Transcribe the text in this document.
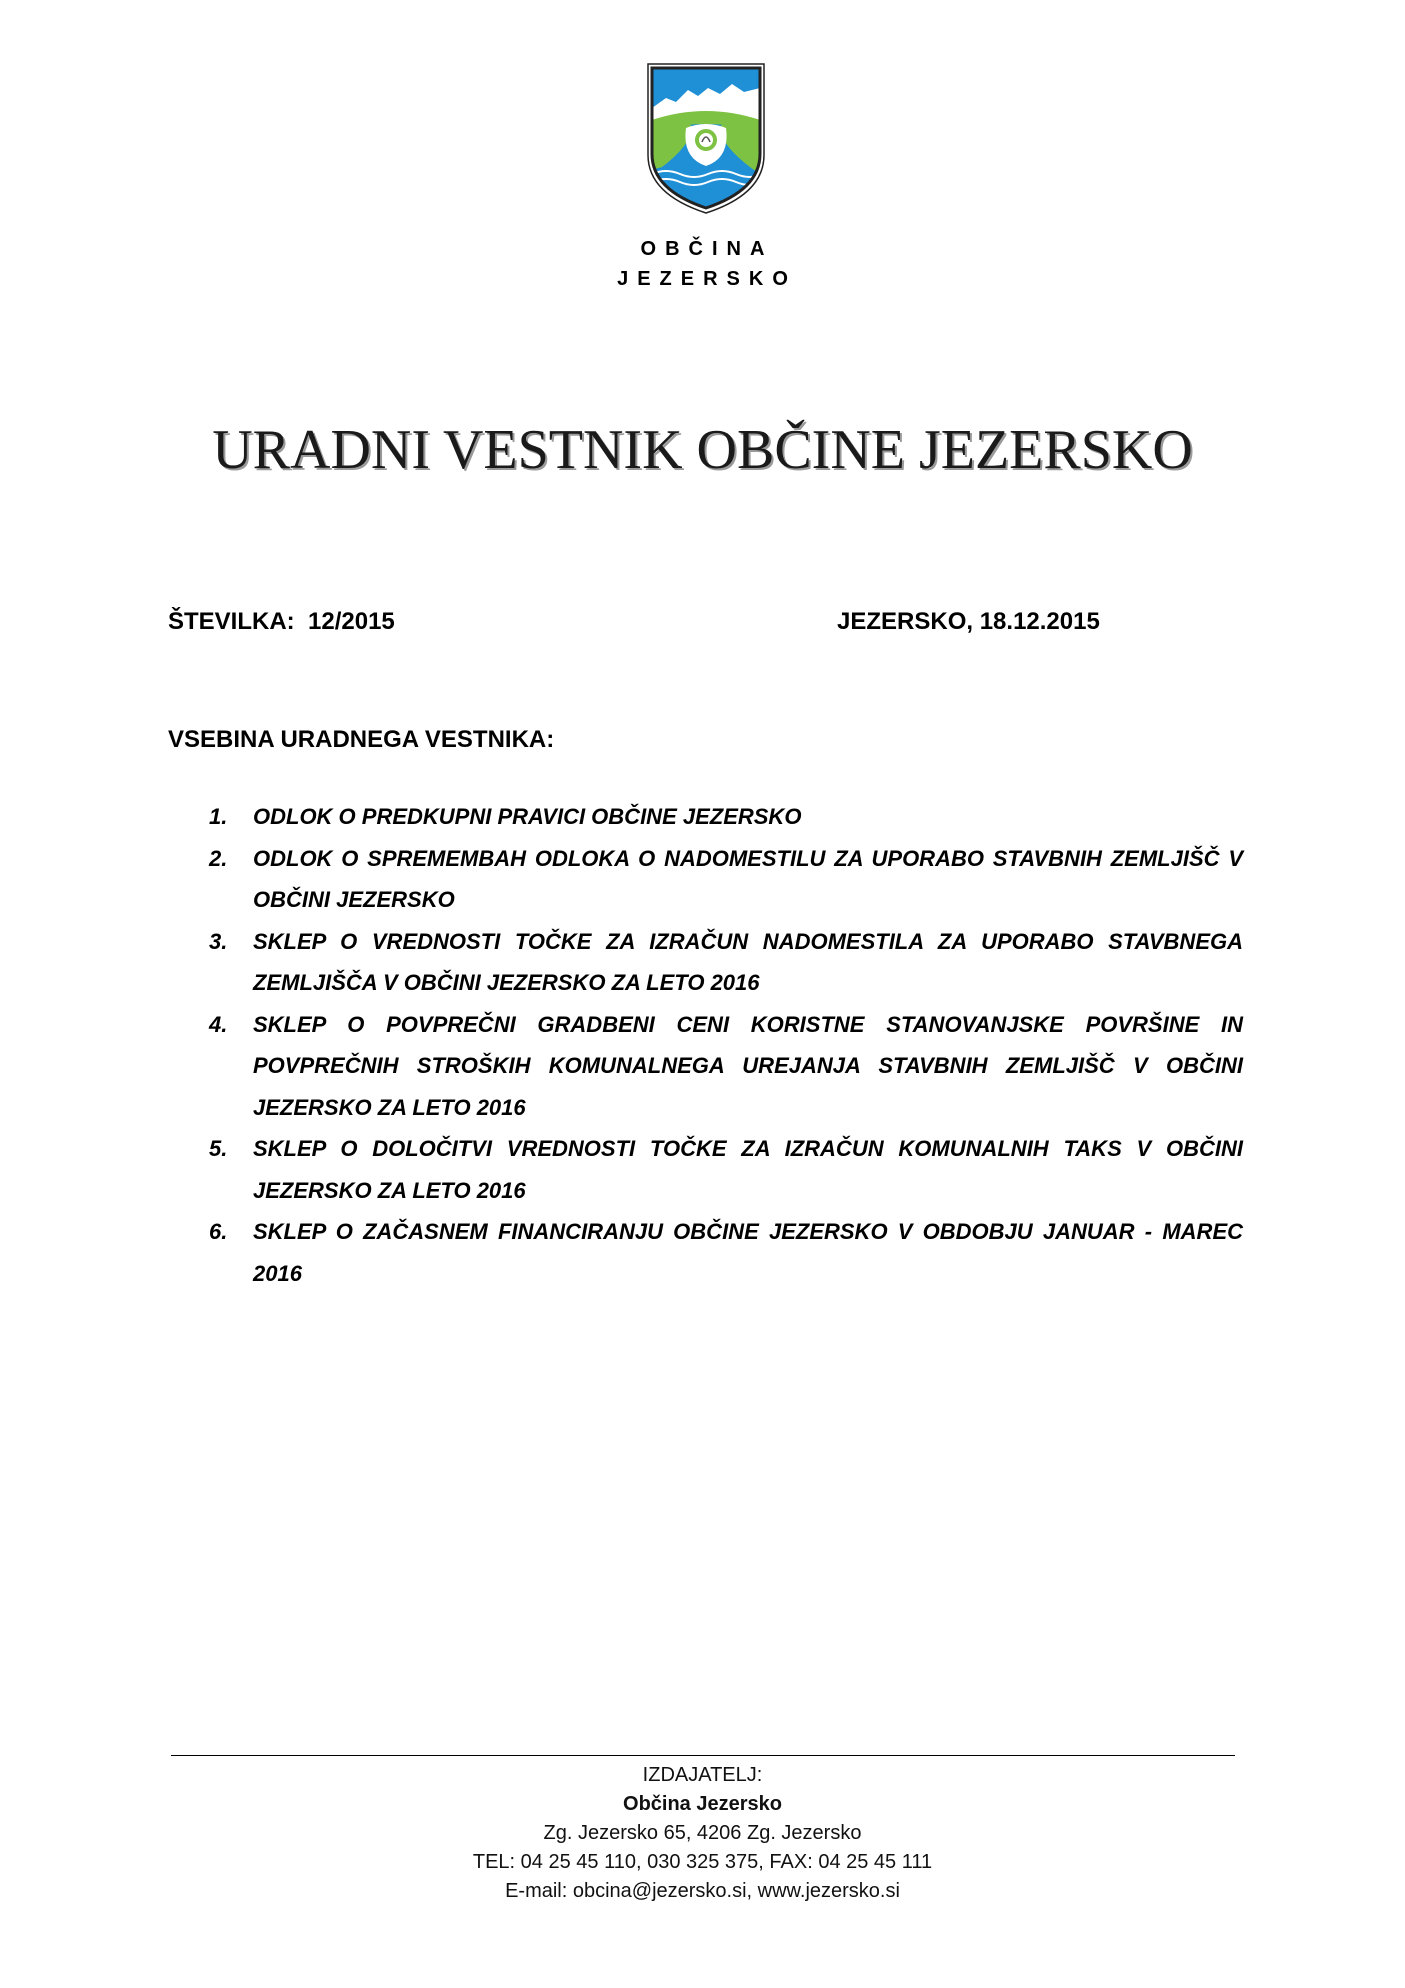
OBČINA
JEZERSKO
URADNI VESTNIK OBČINE JEZERSKO
ŠTEVILKA:  12/2015	JEZERSKO, 18.12.2015
VSEBINA URADNEGA VESTNIKA:
1. ODLOK O PREDKUPNI PRAVICI OBČINE JEZERSKO
2. ODLOK O SPREMEMBAH ODLOKA O NADOMESTILU ZA UPORABO STAVBNIH ZEMLJIŠČ V OBČINI JEZERSKO
3. SKLEP O VREDNOSTI TOČKE ZA IZRAČUN NADOMESTILA ZA UPORABO STAVBNEGA ZEMLJIŠČA V OBČINI JEZERSKO ZA LETO 2016
4. SKLEP O POVPREČNI GRADBENI CENI KORISTNE STANOVANJSKE POVRŠINE IN POVPREČNIH STROŠKIH KOMUNALNEGA UREJANJA STAVBNIH ZEMLJIŠČ V OBČINI JEZERSKO ZA LETO 2016
5. SKLEP O DOLOČITVI VREDNOSTI TOČKE ZA IZRAČUN KOMUNALNIH TAKS V OBČINI JEZERSKO ZA LETO 2016
6. SKLEP O ZAČASNEM FINANCIRANJU OBČINE JEZERSKO V OBDOBJU JANUAR - MAREC 2016
IZDAJATELJ:
Občina Jezersko
Zg. Jezersko 65, 4206 Zg. Jezersko
TEL: 04 25 45 110, 030 325 375, FAX: 04 25 45 111
E-mail: obcina@jezersko.si, www.jezersko.si
